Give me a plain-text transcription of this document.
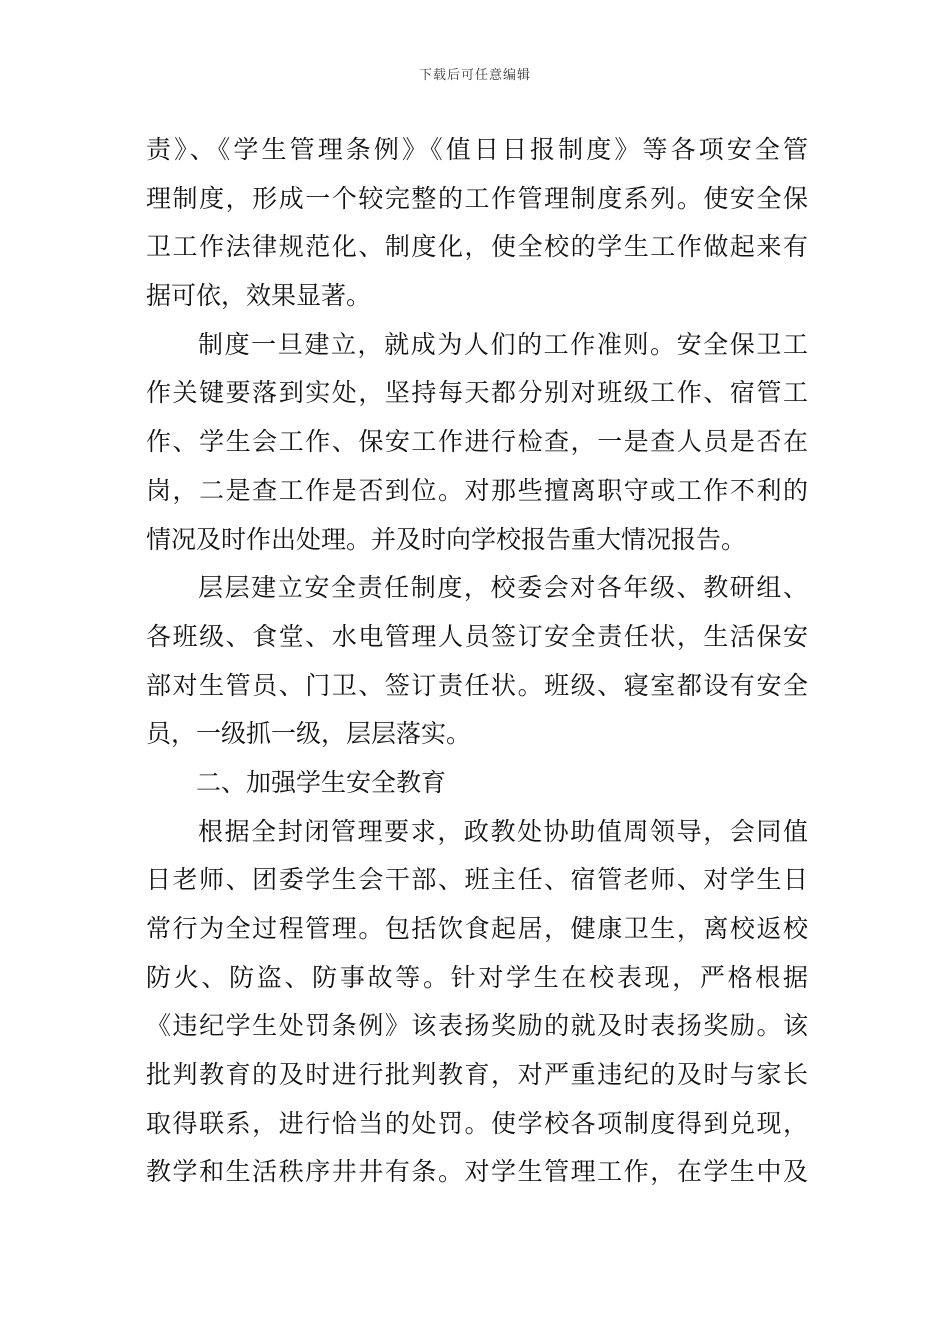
下载后可任意编辑
责》、《学生管理条例》《值日日报制度》等各项安全管
理制度，形成一个较完整的工作管理制度系列。使安全保
卫工作法律规范化、制度化，使全校的学生工作做起来有
据可依，效果显著。
制度一旦建立，就成为人们的工作准则。安全保卫工
作关键要落到实处，坚持每天都分别对班级工作、宿管工
作、学生会工作、保安工作进行检查，一是查人员是否在
岗，二是查工作是否到位。对那些擅离职守或工作不利的
情况及时作出处理。并及时向学校报告重大情况报告。
层层建立安全责任制度，校委会对各年级、教研组、
各班级、食堂、水电管理人员签订安全责任状，生活保安
部对生管员、门卫、签订责任状。班级、寝室都设有安全
员，一级抓一级，层层落实。
二、加强学生安全教育
根据全封闭管理要求，政教处协助值周领导，会同值
日老师、团委学生会干部、班主任、宿管老师、对学生日
常行为全过程管理。包括饮食起居，健康卫生，离校返校
防火、防盗、防事故等。针对学生在校表现，严格根据
《违纪学生处罚条例》该表扬奖励的就及时表扬奖励。该
批判教育的及时进行批判教育，对严重违纪的及时与家长
取得联系，进行恰当的处罚。使学校各项制度得到兑现，
教学和生活秩序井井有条。对学生管理工作，在学生中及
